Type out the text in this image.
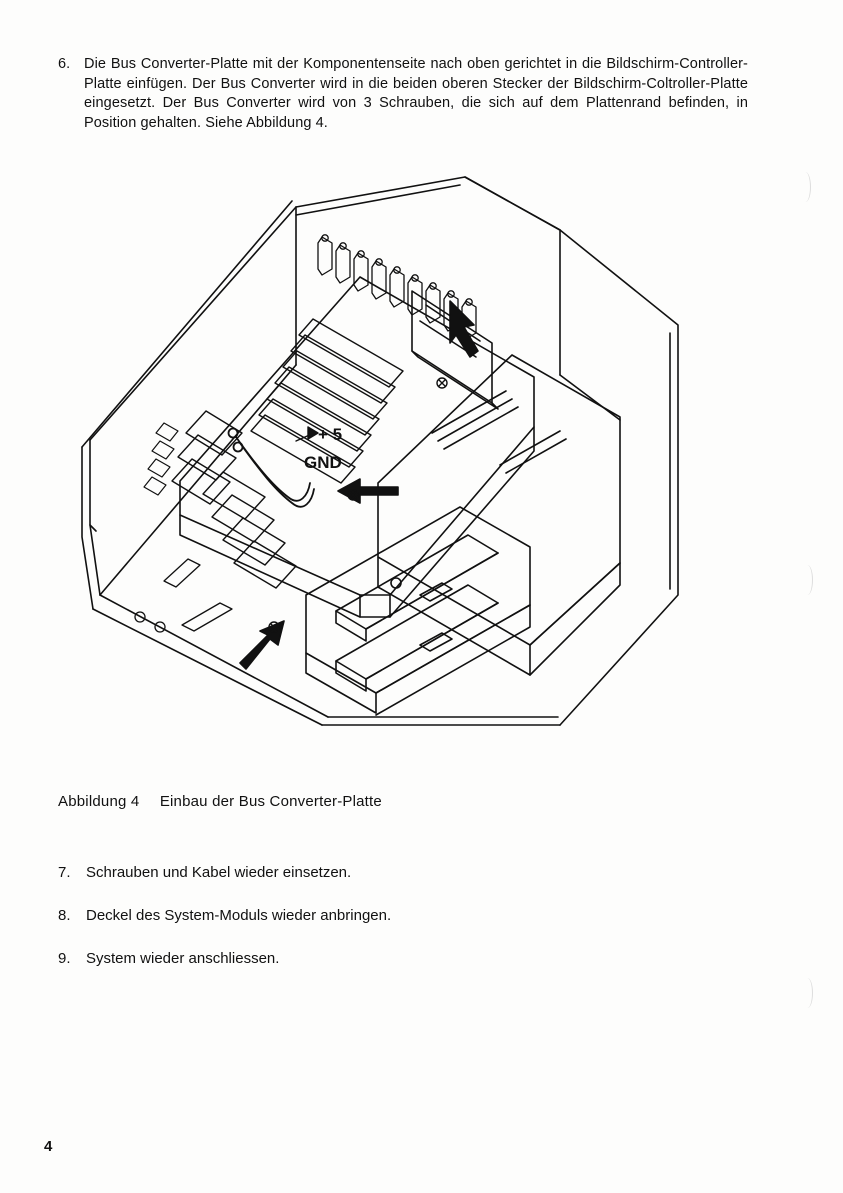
6. Die Bus Converter-Platte mit der Komponentenseite nach oben gerichtet in die Bildschirm-Controller-Platte einfügen. Der Bus Converter wird in die beiden oberen Stecker der Bildschirm-Coltroller-Platte eingesetzt. Der Bus Converter wird von 3 Schrauben, die sich auf dem Plattenrand befinden, in Position gehalten. Siehe Abbildung 4.
+ 5
GND
Abbildung 4 Einbau der Bus Converter-Platte
7.	Schrauben und Kabel wieder einsetzen.
8.	Deckel des System-Moduls wieder anbringen.
9.	System wieder anschliessen.
4
